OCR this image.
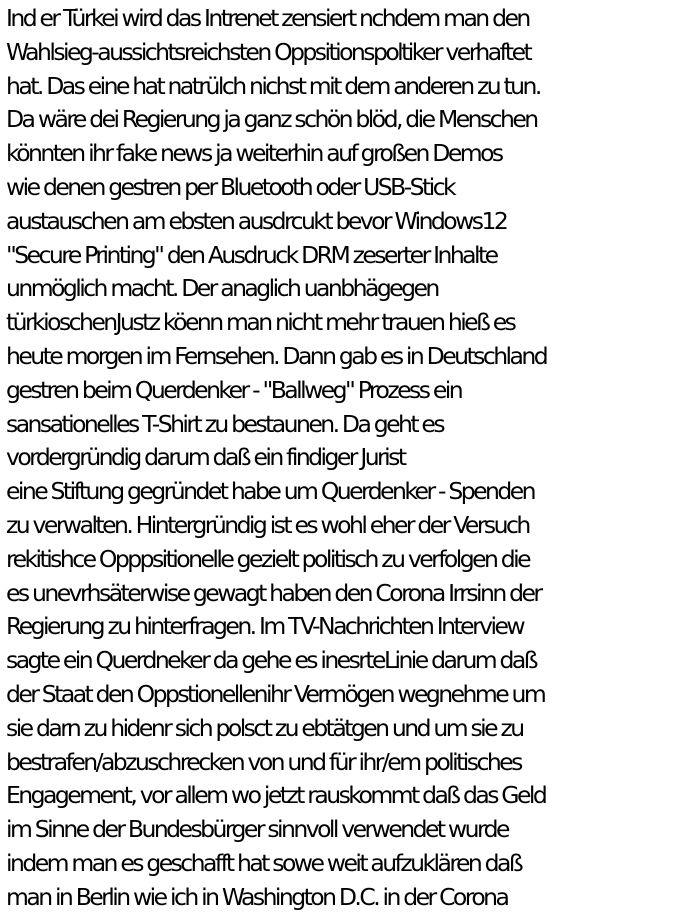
Ind er Türkei wird das Intrenet zensiert nchdem man den
Wahlsieg-aussichtsreichsten Oppsitionspoltiker verhaftet
hat. Das eine hat natrülch nichst mit dem anderen zu tun.
Da wäre dei Regierung ja ganz schön blöd, die Menschen
könnten ihr fake news ja weiterhin auf großen Demos
wie denen gestren per Bluetooth oder USB-Stick
austauschen am ebsten ausdrcukt bevor Windows12
"Secure Printing" den Ausdruck DRM zeserter Inhalte
unmöglich macht. Der anaglich uanbhägegen
türkioschenJustz köenn man nicht mehr trauen hieß es
heute morgen im Fernsehen. Dann gab es in Deutschland
gestren beim Querdenker - "Ballweg" Prozess ein
sansationelles T-Shirt zu bestaunen. Da geht es
vordergründig darum daß ein findiger Jurist
eine Stiftung gegründet habe um Querdenker - Spenden
zu verwalten. Hintergründig ist es wohl eher der Versuch
rekitishce Opppsitionelle gezielt politisch zu verfolgen die
es unevrhsäterwise gewagt haben den Corona Irrsinn der
Regierung zu hinterfragen. Im TV-Nachrichten Interview
sagte ein Querdneker da gehe es inesrteLinie darum daß
der Staat den Oppstionellenihr Vermögen wegnehme um
sie darn zu hidenr sich polsct zu ebtätgen und um sie zu
bestrafen/abzuschrecken von und für ihr/em politisches
Engagement, vor allem wo jetzt rauskommt daß das Geld
im Sinne der Bundesbürger sinnvoll verwendet wurde
indem man es geschafft hat sowe weit aufzuklären daß
man in Berlin wie ich in Washington D.C. in der Corona
